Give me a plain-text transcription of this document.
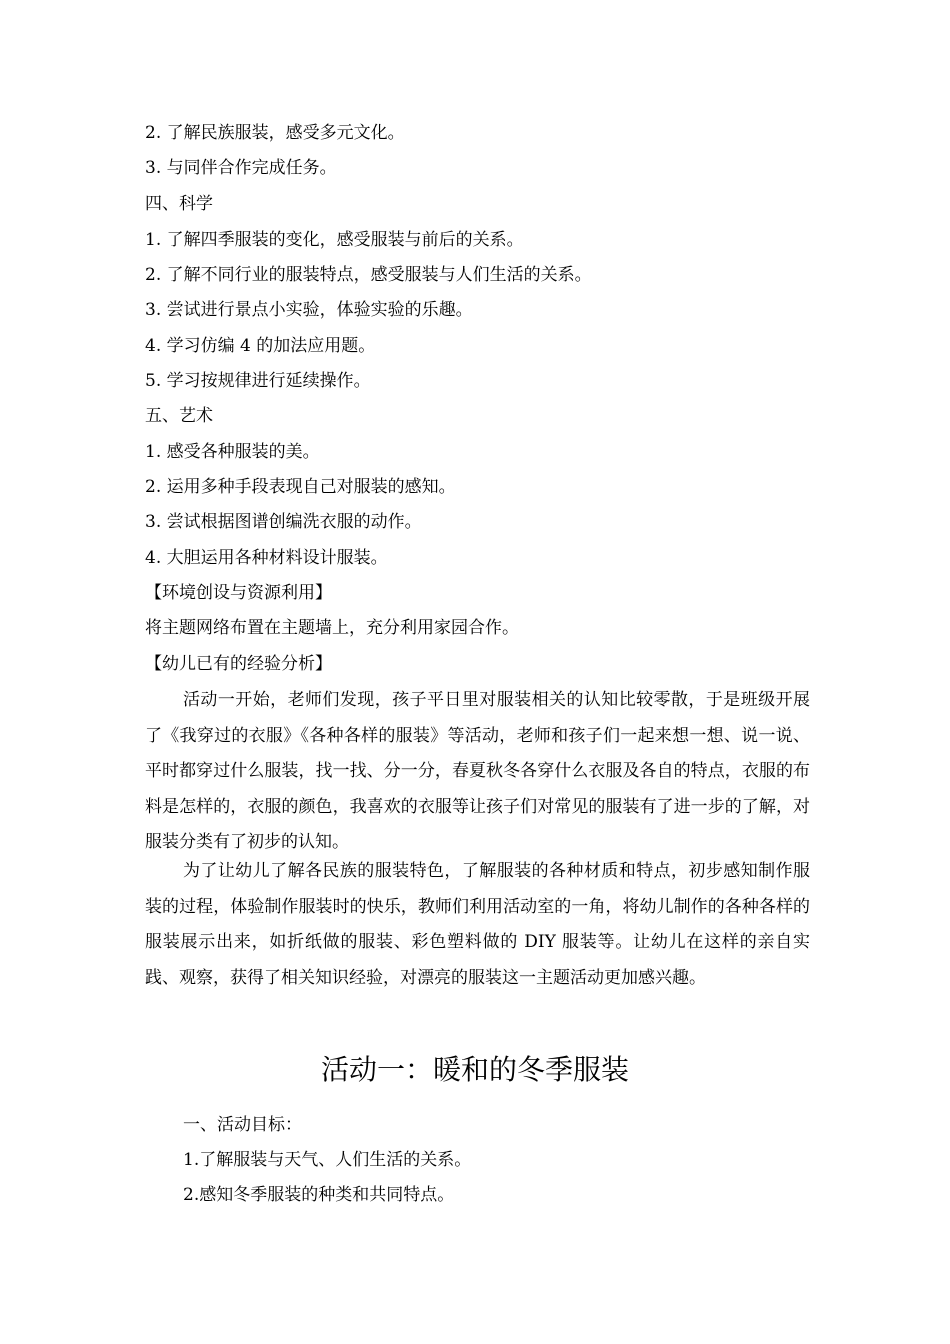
2. 了解民族服装，感受多元文化。
3. 与同伴合作完成任务。
四、科学
1. 了解四季服装的变化，感受服装与前后的关系。
2. 了解不同行业的服装特点，感受服装与人们生活的关系。
3. 尝试进行景点小实验，体验实验的乐趣。
4. 学习仿编 4 的加法应用题。
5. 学习按规律进行延续操作。
五、艺术
1. 感受各种服装的美。
2. 运用多种手段表现自己对服装的感知。
3. 尝试根据图谱创编洗衣服的动作。
4. 大胆运用各种材料设计服装。
【环境创设与资源利用】
将主题网络布置在主题墙上，充分利用家园合作。
【幼儿已有的经验分析】
活动一开始，老师们发现，孩子平日里对服装相关的认知比较零散，于是班级开展了《我穿过的衣服》《各种各样的服装》等活动，老师和孩子们一起来想一想、说一说、平时都穿过什么服装，找一找、分一分，春夏秋冬各穿什么衣服及各自的特点，衣服的布料是怎样的，衣服的颜色，我喜欢的衣服等让孩子们对常见的服装有了进一步的了解，对服装分类有了初步的认知。
为了让幼儿了解各民族的服装特色，了解服装的各种材质和特点，初步感知制作服装的过程，体验制作服装时的快乐，教师们利用活动室的一角，将幼儿制作的各种各样的服装展示出来，如折纸做的服装、彩色塑料做的 DIY 服装等。让幼儿在这样的亲自实践、观察，获得了相关知识经验，对漂亮的服装这一主题活动更加感兴趣。
活动一：暖和的冬季服装
一、活动目标：
1.了解服装与天气、人们生活的关系。
2.感知冬季服装的种类和共同特点。
